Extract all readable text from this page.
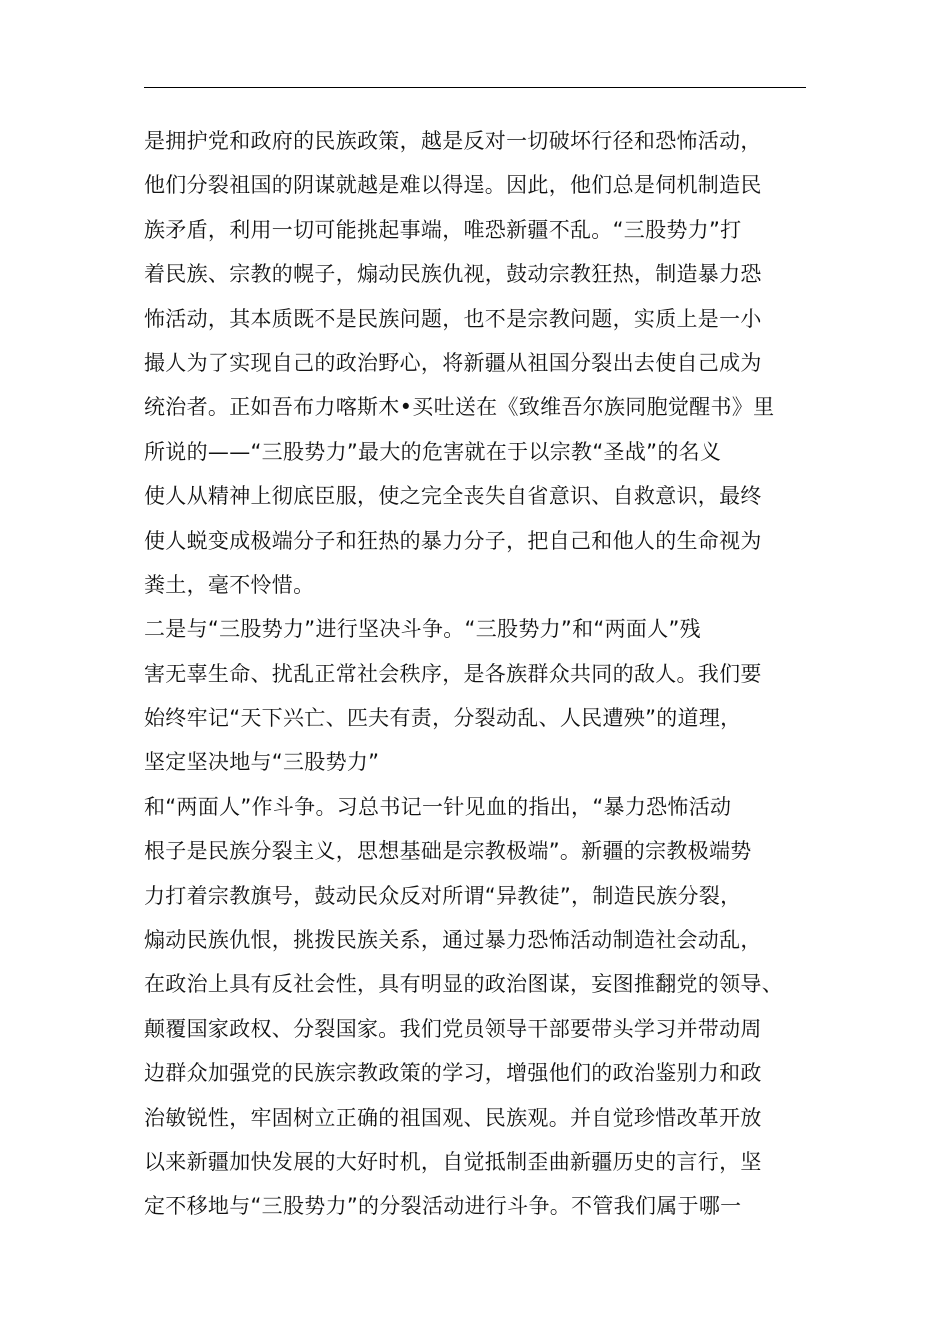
是拥护党和政府的民族政策，越是反对一切破坏行径和恐怖活动，
他们分裂祖国的阴谋就越是难以得逞。因此，他们总是伺机制造民
族矛盾，利用一切可能挑起事端，唯恐新疆不乱。“三股势力”打
着民族、宗教的幌子，煽动民族仇视，鼓动宗教狂热，制造暴力恐
怖活动，其本质既不是民族问题，也不是宗教问题，实质上是一小
撮人为了实现自己的政治野心，将新疆从祖国分裂出去使自己成为
统治者。正如吾布力喀斯木•买吐送在《致维吾尔族同胞觉醒书》里
所说的——“三股势力”最大的危害就在于以宗教“圣战”的名义
使人从精神上彻底臣服，使之完全丧失自省意识、自救意识，最终
使人蜕变成极端分子和狂热的暴力分子，把自己和他人的生命视为
粪土，毫不怜惜。
二是与“三股势力”进行坚决斗争。“三股势力”和“两面人”残
害无辜生命、扰乱正常社会秩序，是各族群众共同的敌人。我们要
始终牢记“天下兴亡、匹夫有责，分裂动乱、人民遭殃”的道理，
坚定坚决地与“三股势力”
和“两面人”作斗争。习总书记一针见血的指出，“暴力恐怖活动
根子是民族分裂主义，思想基础是宗教极端”。新疆的宗教极端势
力打着宗教旗号，鼓动民众反对所谓“异教徒”，制造民族分裂，
煽动民族仇恨，挑拨民族关系，通过暴力恐怖活动制造社会动乱，
在政治上具有反社会性，具有明显的政治图谋，妄图推翻党的领导、
颠覆国家政权、分裂国家。我们党员领导干部要带头学习并带动周
边群众加强党的民族宗教政策的学习，增强他们的政治鉴别力和政
治敏锐性，牢固树立正确的祖国观、民族观。并自觉珍惜改革开放
以来新疆加快发展的大好时机，自觉抵制歪曲新疆历史的言行，坚
定不移地与“三股势力”的分裂活动进行斗争。不管我们属于哪一
